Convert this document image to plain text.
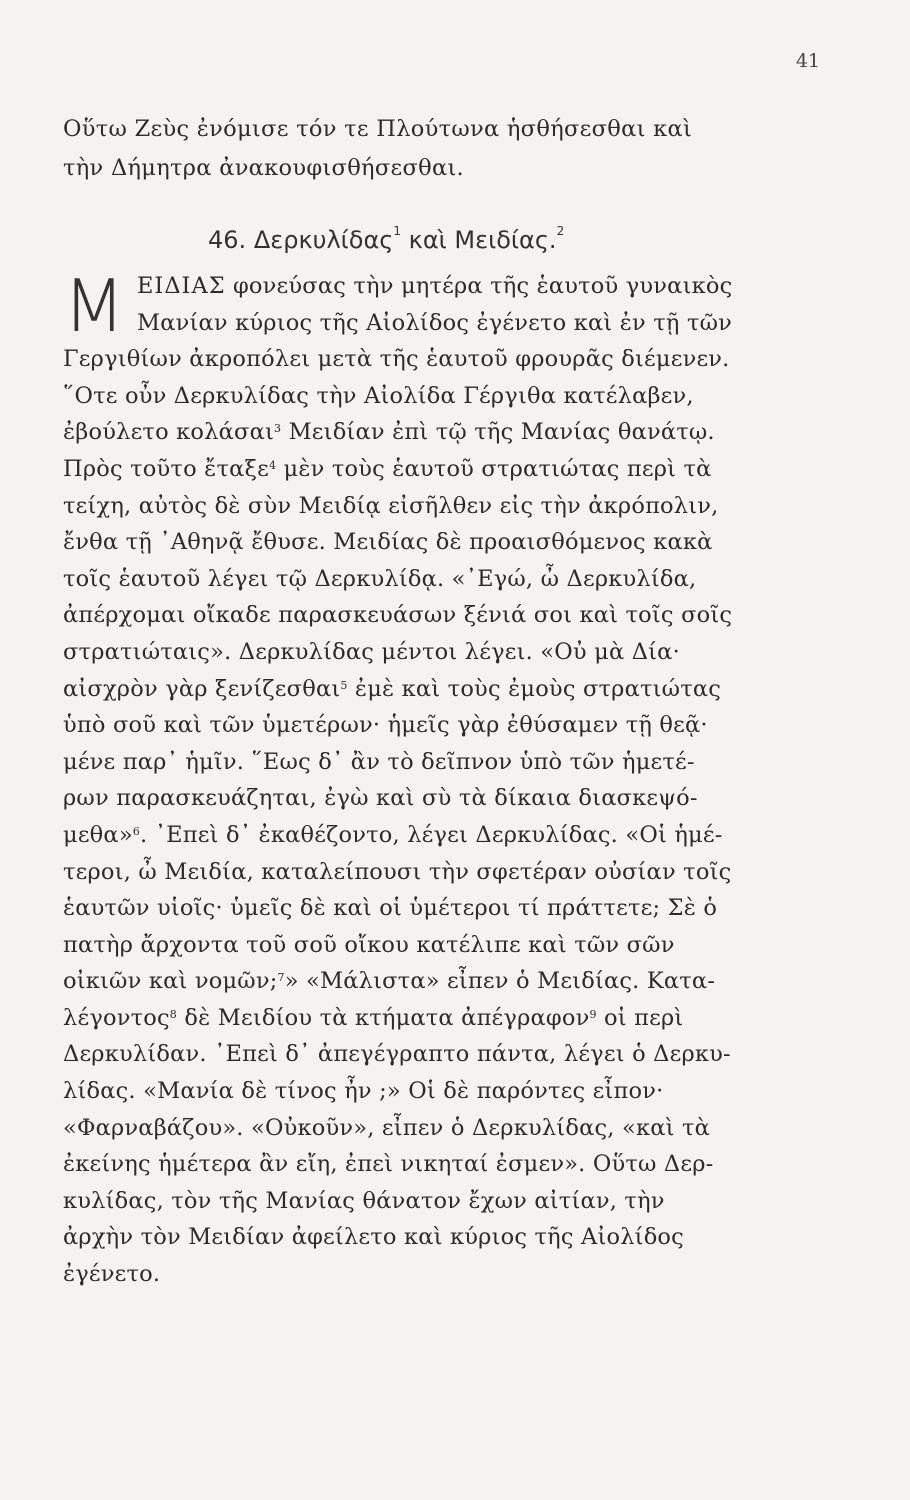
41
Οὕτω Ζεὺς ἐνόμισε τόν τε Πλούτωνα ἡσθήσεσθαι καὶ
τὴν Δήμητρα ἀνακουφισθήσεσθαι.
46. Δερκυλίδας$^1$ καὶ Μειδίας.$^2$
Μ ΕΙΔΙΑΣ φονεύσας τὴν μητέρα τῆς ἑαυτοῦ γυναικὸς
Μανίαν κύριος τῆς Αἰολίδος ἐγένετο καὶ ἐν τῇ τῶν
Γεργιθίων ἀκροπόλει μετὰ τῆς ἑαυτοῦ φρουρᾶς διέμενεν.
῞Οτε οὖν Δερκυλίδας τὴν Αἰολίδα Γέργιθα κατέλαβεν,
ἐβούλετο κολάσαι$^3$ Μειδίαν ἐπὶ τῷ τῆς Μανίας θανάτῳ.
Πρὸς τοῦτο ἔταξε$^4$ μὲν τοὺς ἑαυτοῦ στρατιώτας περὶ τὰ
τείχη, αὐτὸς δὲ σὺν Μειδίᾳ εἰσῆλθεν εἰς τὴν ἀκρόπολιν,
ἔνθα τῇ ᾿Αθηνᾷ ἔθυσε. Μειδίας δὲ προαισθόμενος κακὰ
τοῖς ἑαυτοῦ λέγει τῷ Δερκυλίδᾳ. «᾿Εγώ, ὦ Δερκυλίδα,
ἀπέρχομαι οἴκαδε παρασκευάσων ξένιά σοι καὶ τοῖς σοῖς
στρατιώταις». Δερκυλίδας μέντοι λέγει. «Οὐ μὰ Δία·
αἰσχρὸν γὰρ ξενίζεσθαι$^5$ ἐμὲ καὶ τοὺς ἐμοὺς στρατιώτας
ὑπὸ σοῦ καὶ τῶν ὑμετέρων· ἡμεῖς γὰρ ἐθύσαμεν τῇ θεᾷ·
μένε παρ᾿ ἡμῖν. ῞Εως δ᾿ ἂν τὸ δεῖπνον ὑπὸ τῶν ἡμετέ-
ρων παρασκευάζηται, ἐγὼ καὶ σὺ τὰ δίκαια διασκεψό-
μεθα»$^6$. ᾿Επεὶ δ᾿ ἐκαθέζοντο, λέγει Δερκυλίδας. «Οἱ ἡμέ-
τεροι, ὦ Μειδία, καταλείπουσι τὴν σφετέραν οὐσίαν τοῖς
ἑαυτῶν υἱοῖς· ὑμεῖς δὲ καὶ οἱ ὑμέτεροι τί πράττετε; Σὲ ὁ
πατὴρ ἄρχοντα τοῦ σοῦ οἴκου κατέλιπε καὶ τῶν σῶν
οἰκιῶν καὶ νομῶν;$^7$» «Μάλιστα» εἶπεν ὁ Μειδίας. Κατα-
λέγοντος$^8$ δὲ Μειδίου τὰ κτήματα ἀπέγραφον$^9$ οἱ περὶ
Δερκυλίδαν. ᾿Επεὶ δ᾿ ἀπεγέγραπτο πάντα, λέγει ὁ Δερκυ-
λίδας. «Μανία δὲ τίνος ἦν ;» Οἱ δὲ παρόντες εἶπον·
«Φαρναβάζου». «Οὐκοῦν», εἶπεν ὁ Δερκυλίδας, «καὶ τὰ
ἐκείνης ἡμέτερα ἂν εἴη, ἐπεὶ νικηταί ἐσμεν». Οὕτω Δερ-
κυλίδας, τὸν τῆς Μανίας θάνατον ἔχων αἰτίαν, τὴν
ἀρχὴν τὸν Μειδίαν ἀφείλετο καὶ κύριος τῆς Αἰολίδος
ἐγένετο.
